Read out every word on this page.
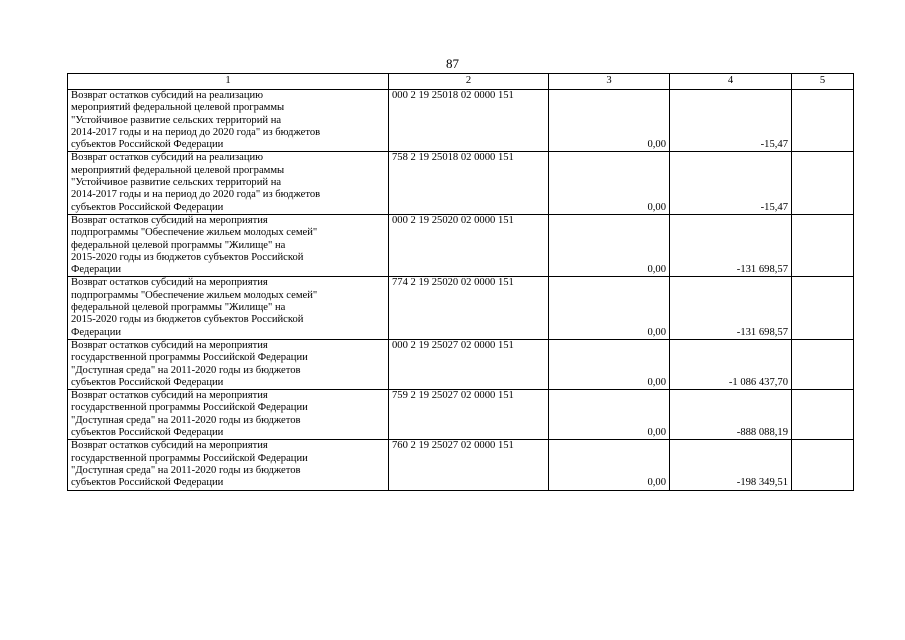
87
1	2	3	4	5

Возврат остатков субсидий на реализацию
мероприятий федеральной целевой программы
"Устойчивое развитие сельских территорий на
2014-2017 годы и на период до 2020 года" из бюджетов
субъектов Российской Федерации	000 2 19 25018 02 0000 151	0,00	-15,47	

Возврат остатков субсидий на реализацию
мероприятий федеральной целевой программы
"Устойчивое развитие сельских территорий на
2014-2017 годы и на период до 2020 года" из бюджетов
субъектов Российской Федерации	758 2 19 25018 02 0000 151	0,00	-15,47	

Возврат остатков субсидий на мероприятия
подпрограммы "Обеспечение жильем молодых семей"
федеральной целевой программы "Жилище" на
2015-2020 годы из бюджетов субъектов Российской
Федерации	000 2 19 25020 02 0000 151	0,00	-131 698,57	

Возврат остатков субсидий на мероприятия
подпрограммы "Обеспечение жильем молодых семей"
федеральной целевой программы "Жилище" на
2015-2020 годы из бюджетов субъектов Российской
Федерации	774 2 19 25020 02 0000 151	0,00	-131 698,57	

Возврат остатков субсидий на мероприятия
государственной программы Российской Федерации
"Доступная среда" на 2011-2020 годы из бюджетов
субъектов Российской Федерации	000 2 19 25027 02 0000 151	0,00	-1 086 437,70	

Возврат остатков субсидий на мероприятия
государственной программы Российской Федерации
"Доступная среда" на 2011-2020 годы из бюджетов
субъектов Российской Федерации	759 2 19 25027 02 0000 151	0,00	-888 088,19	

Возврат остатков субсидий на мероприятия
государственной программы Российской Федерации
"Доступная среда" на 2011-2020 годы из бюджетов
субъектов Российской Федерации	760 2 19 25027 02 0000 151	0,00	-198 349,51	
